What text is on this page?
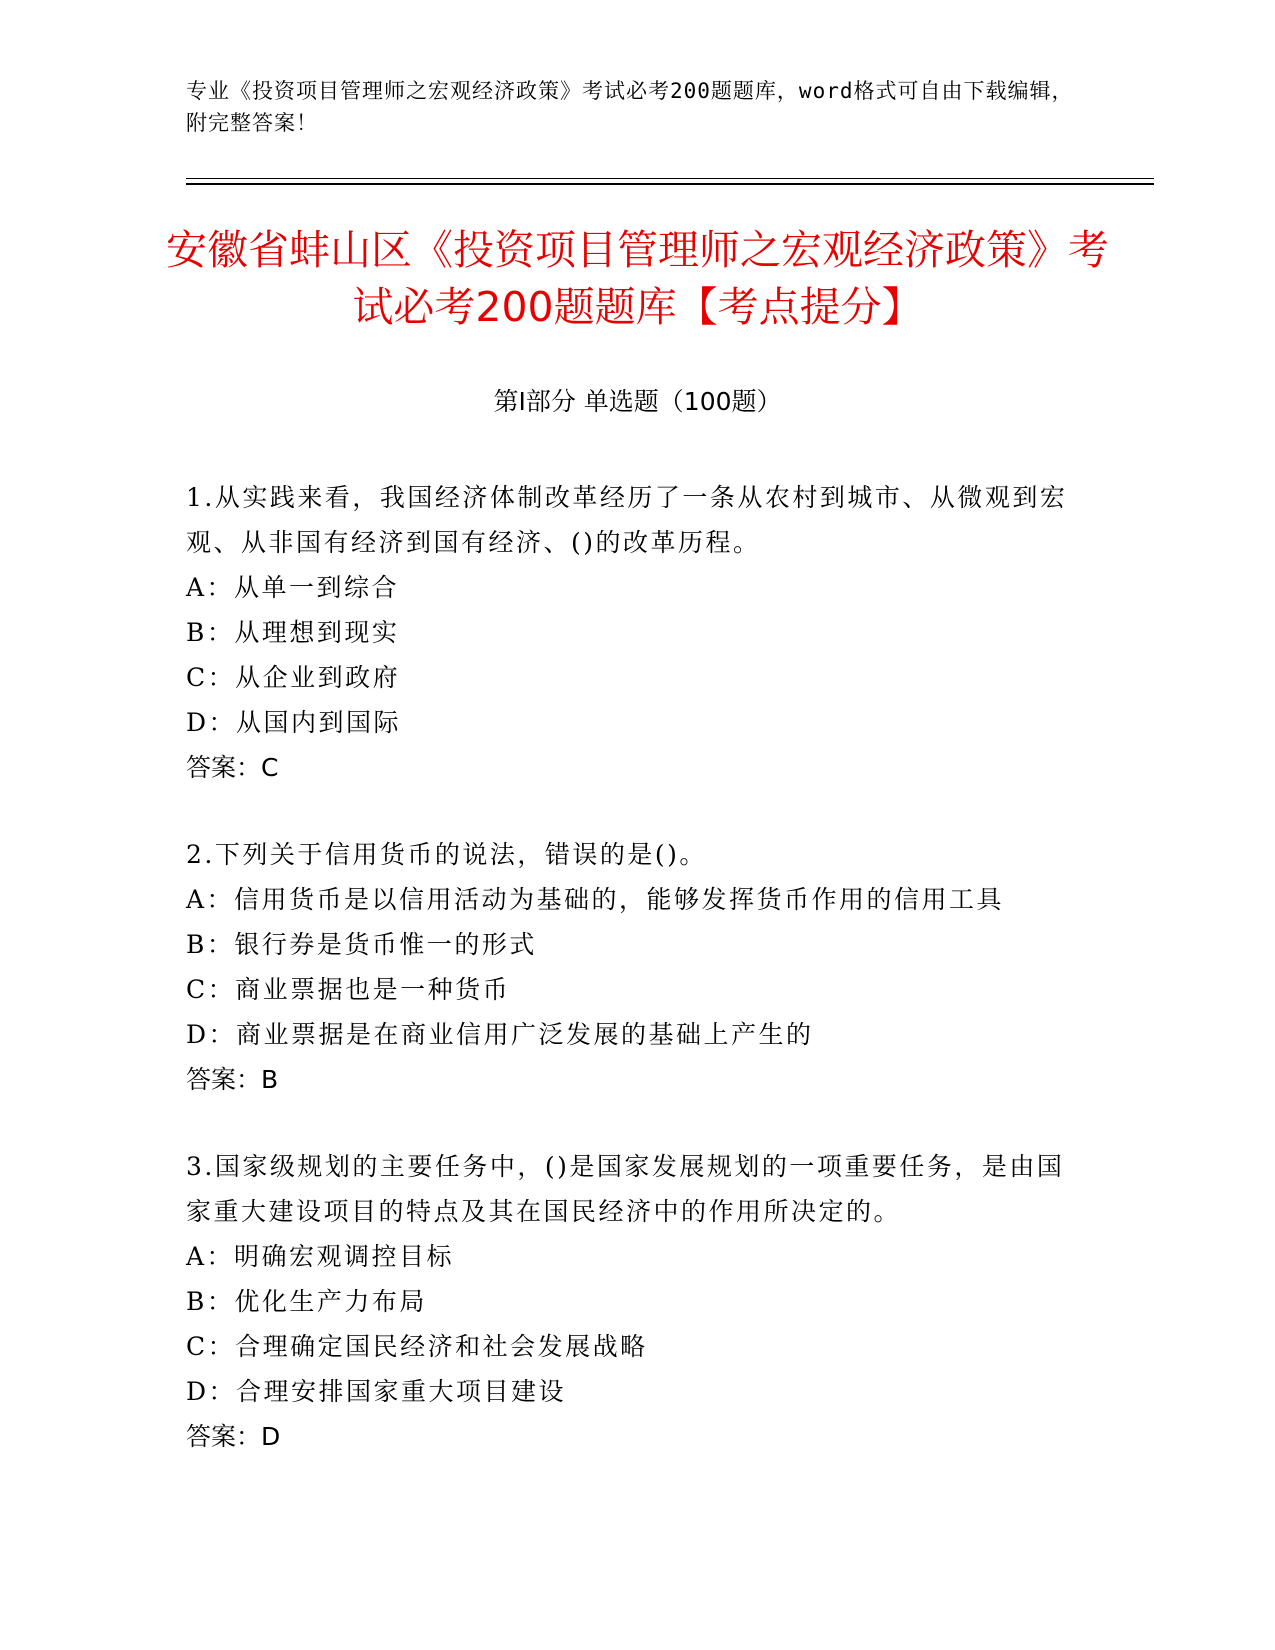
专业《投资项目管理师之宏观经济政策》考试必考200题题库，word格式可自由下载编辑，附完整答案！
安徽省蚌山区《投资项目管理师之宏观经济政策》考试必考200题题库【考点提分】
第I部分 单选题（100题）
1.从实践来看，我国经济体制改革经历了一条从农村到城市、从微观到宏观、从非国有经济到国有经济、()的改革历程。
A：从单一到综合
B：从理想到现实
C：从企业到政府
D：从国内到国际
答案：C
2.下列关于信用货币的说法，错误的是()。
A：信用货币是以信用活动为基础的，能够发挥货币作用的信用工具
B：银行券是货币惟一的形式
C：商业票据也是一种货币
D：商业票据是在商业信用广泛发展的基础上产生的
答案：B
3.国家级规划的主要任务中，()是国家发展规划的一项重要任务，是由国家重大建设项目的特点及其在国民经济中的作用所决定的。
A：明确宏观调控目标
B：优化生产力布局
C：合理确定国民经济和社会发展战略
D：合理安排国家重大项目建设
答案：D
